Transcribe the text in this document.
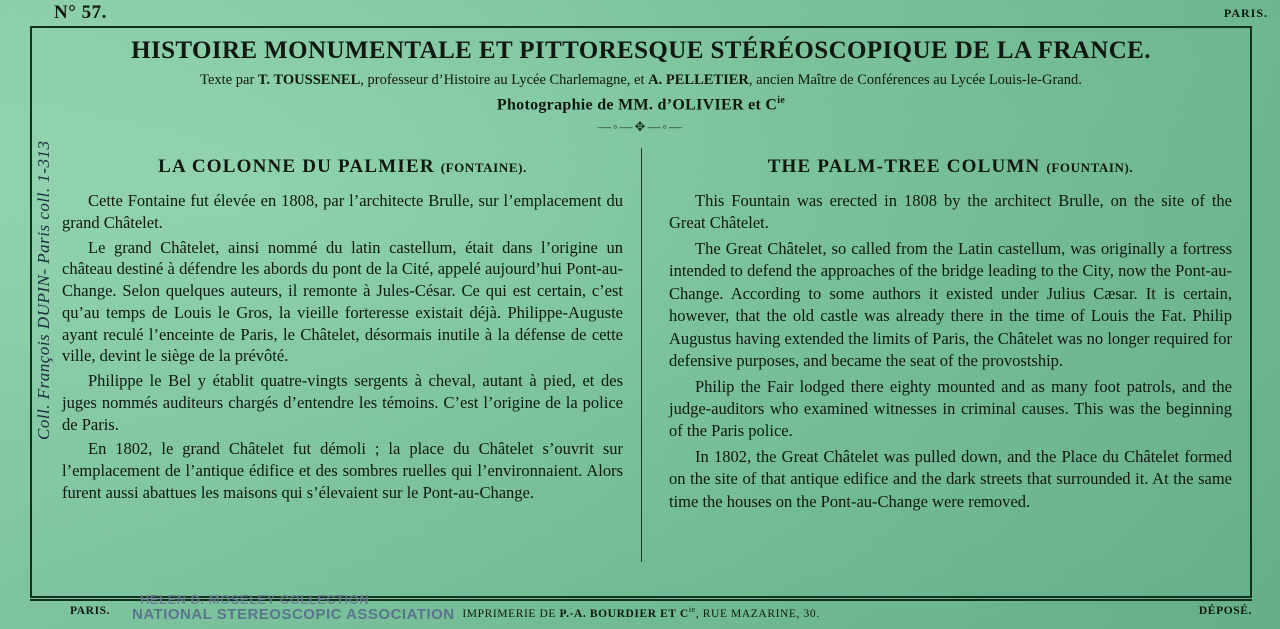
N° 57.	PARIS.
HISTOIRE MONUMENTALE ET PITTORESQUE STÉRÉOSCOPIQUE DE LA FRANCE.
Texte par T. TOUSSENEL, professeur d’Histoire au Lycée Charlemagne, et A. PELLETIER, ancien Maître de Conférences au Lycée Louis-le-Grand.
Photographie de MM. d’OLIVIER et $C^{ie}$
—◦—✥—◦—
LA COLONNE DU PALMIER (FONTAINE).

Cette Fontaine fut élevée en 1808, par l’architecte Brulle, sur l’emplacement du grand Châtelet.

Le grand Châtelet, ainsi nommé du latin castellum, était dans l’origine un château destiné à défendre les abords du pont de la Cité, appelé aujourd’hui Pont-au-Change. Selon quelques auteurs, il remonte à Jules-César. Ce qui est certain, c’est qu’au temps de Louis le Gros, la vieille forteresse existait déjà. Philippe-Auguste ayant reculé l’enceinte de Paris, le Châtelet, désormais inutile à la défense de cette ville, devint le siège de la prévôté.

Philippe le Bel y établit quatre-vingts sergents à cheval, autant à pied, et des juges nommés auditeurs chargés d’entendre les témoins. C’est l’origine de la police de Paris.

En 1802, le grand Châtelet fut démoli ; la place du Châtelet s’ouvrit sur l’emplacement de l’antique édifice et des sombres ruelles qui l’environnaient. Alors furent aussi abattues les maisons qui s’élevaient sur le Pont-au-Change.

THE PALM-TREE COLUMN (FOUNTAIN).

This Fountain was erected in 1808 by the architect Brulle, on the site of the Great Châtelet.

The Great Châtelet, so called from the Latin castellum, was originally a fortress intended to defend the approaches of the bridge leading to the City, now the Pont-au-Change. According to some authors it existed under Julius Cæsar. It is certain, however, that the old castle was already there in the time of Louis the Fat. Philip Augustus having extended the limits of Paris, the Châtelet was no longer required for defensive purposes, and became the seat of the provostship.

Philip the Fair lodged there eighty mounted and as many foot patrols, and the judge-auditors who examined witnesses in criminal causes. This was the beginning of the Paris police.

In 1802, the Great Châtelet was pulled down, and the Place du Châtelet formed on the site of that antique edifice and the dark streets that surrounded it. At the same time the houses on the Pont-au-Change were removed.

PARIS.	IMPRIMERIE DE P.-A. BOURDIER ET $C^{ie}$, RUE MAZARINE, 30.	DÉPOSÉ.
HELEN D. MOSELEY COLLECTION
NATIONAL STEREOSCOPIC ASSOCIATION
Coll. François DUPIN- Paris coll. 1-313
